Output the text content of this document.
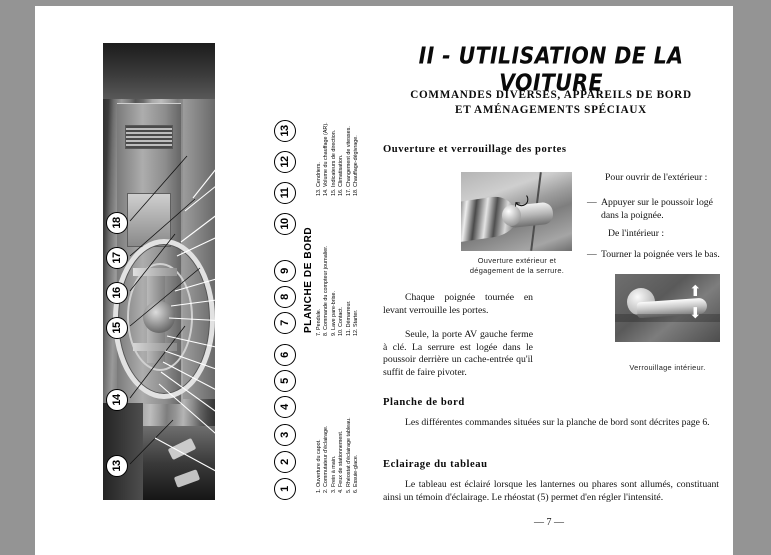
18
17
16
15
14
13
13
12
11
10
9
8
7
6
5
4
3
2
1
PLANCHE DE BORD
1. Ouverture du capot. 2. Commutateur d'éclairage. 3. Frein à main. 4. Feux de stationnement. 5. Rhéostat d'éclairage tableau. 6. Essuie-glace.
7. Pendule. 8. Commande du compteur journalier. 9. Lave pare-brise. 10. Contact. 11. Démarreur. 12. Starter.
13. Cendriers. 14. Volume du chauffage (AR). 15. Indicateurs de direction. 16. Climatisation. 17. Changement de vitesses. 18. Chauffage-dégivrage.
II - UTILISATION DE LA VOITURE
COMMANDES DIVERSES, APPAREILS DE BORD
ET AMÉNAGEMENTS SPÉCIAUX
Ouverture et verrouillage des portes
⤾
Ouverture extérieur et
dégagement de la serrure.
Pour ouvrir de l'extérieur :
— Appuyer sur le poussoir logé dans la poignée.
De l'intérieur :
— Tourner la poignée vers le bas.
⬆
⬇
Verrouillage intérieur.
Chaque poignée tournée en levant verrouille les portes.
Seule, la porte AV gauche ferme à clé. La serrure est logée dans le poussoir derrière un cache-entrée qu'il suffit de faire pivoter.
Planche de bord
Les différentes commandes situées sur la planche de bord sont décrites page 6.
Eclairage du tableau
Le tableau est éclairé lorsque les lanternes ou phares sont allumés, constituant ainsi un témoin d'éclairage. Le rhéostat (5) permet d'en régler l'intensité.
— 7 —
